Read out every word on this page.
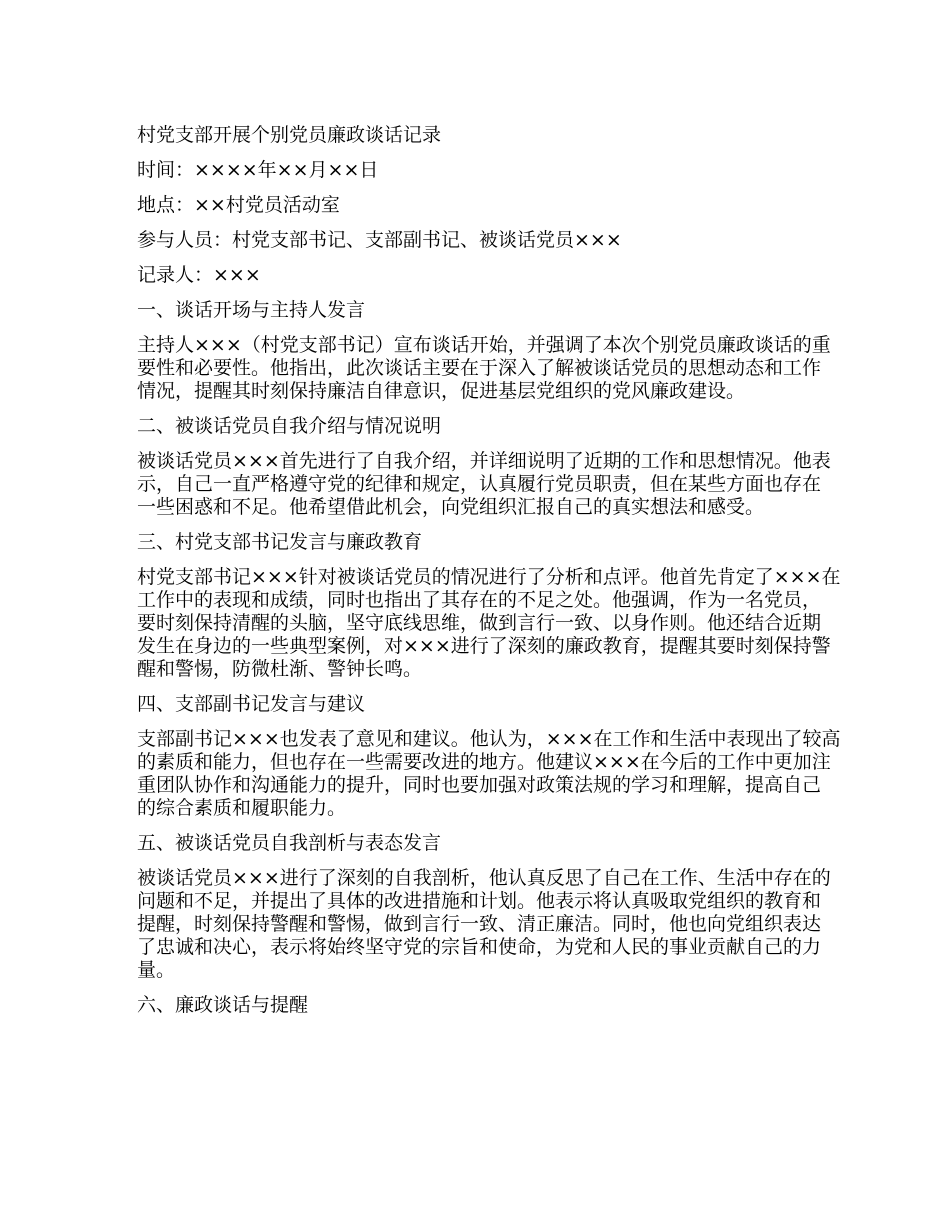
村党支部开展个别党员廉政谈话记录
时间：××××年××月××日
地点：××村党员活动室
参与人员：村党支部书记、支部副书记、被谈话党员×××
记录人：×××
一、谈话开场与主持人发言
主持人×××（村党支部书记）宣布谈话开始，并强调了本次个别党员廉政谈话的重
要性和必要性。他指出，此次谈话主要在于深入了解被谈话党员的思想动态和工作
情况，提醒其时刻保持廉洁自律意识，促进基层党组织的党风廉政建设。
二、被谈话党员自我介绍与情况说明
被谈话党员×××首先进行了自我介绍，并详细说明了近期的工作和思想情况。他表
示，自己一直严格遵守党的纪律和规定，认真履行党员职责，但在某些方面也存在
一些困惑和不足。他希望借此机会，向党组织汇报自己的真实想法和感受。
三、村党支部书记发言与廉政教育
村党支部书记×××针对被谈话党员的情况进行了分析和点评。他首先肯定了×××在
工作中的表现和成绩，同时也指出了其存在的不足之处。他强调，作为一名党员，
要时刻保持清醒的头脑，坚守底线思维，做到言行一致、以身作则。他还结合近期
发生在身边的一些典型案例，对×××进行了深刻的廉政教育，提醒其要时刻保持警
醒和警惕，防微杜渐、警钟长鸣。
四、支部副书记发言与建议
支部副书记×××也发表了意见和建议。他认为，×××在工作和生活中表现出了较高
的素质和能力，但也存在一些需要改进的地方。他建议×××在今后的工作中更加注
重团队协作和沟通能力的提升，同时也要加强对政策法规的学习和理解，提高自己
的综合素质和履职能力。
五、被谈话党员自我剖析与表态发言
被谈话党员×××进行了深刻的自我剖析，他认真反思了自己在工作、生活中存在的
问题和不足，并提出了具体的改进措施和计划。他表示将认真吸取党组织的教育和
提醒，时刻保持警醒和警惕，做到言行一致、清正廉洁。同时，他也向党组织表达
了忠诚和决心，表示将始终坚守党的宗旨和使命，为党和人民的事业贡献自己的力
量。
六、廉政谈话与提醒
